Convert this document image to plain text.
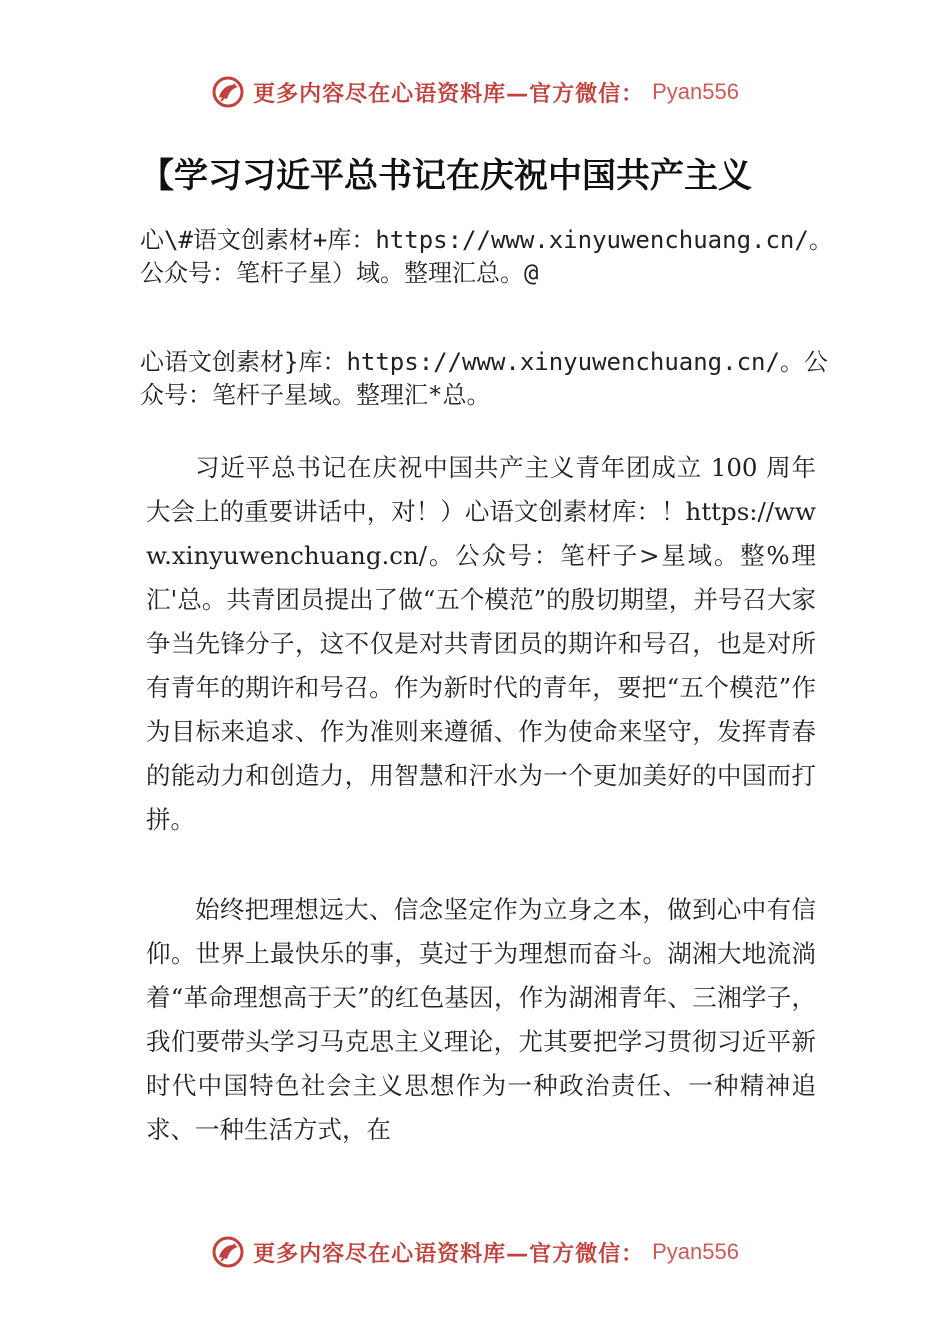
更多内容尽在心语资料库—官方微信： Pyan556
【学习习近平总书记在庆祝中国共产主义
心\#语文创素材+库：https://www.xinyuwenchuang.cn/。公众号：笔杆子星）域。整理汇总。@
心语文创素材}库：https://www.xinyuwenchuang.cn/。公众号：笔杆子星域。整理汇*总。
习近平总书记在庆祝中国共产主义青年团成立 100 周年大会上的重要讲话中，对！）心语文创素材库：！https://www.xinyuwenchuang.cn/。公众号：笔杆子>星域。整%理汇'总。共青团员提出了做“五个模范”的殷切期望，并号召大家争当先锋分子，这不仅是对共青团员的期许和号召，也是对所有青年的期许和号召。作为新时代的青年，要把“五个模范”作为目标来追求、作为准则来遵循、作为使命来坚守，发挥青春的能动力和创造力，用智慧和汗水为一个更加美好的中国而打拼。
始终把理想远大、信念坚定作为立身之本，做到心中有信仰。世界上最快乐的事，莫过于为理想而奋斗。湖湘大地流淌着“革命理想高于天”的红色基因，作为湖湘青年、三湘学子，我们要带头学习马克思主义理论，尤其要把学习贯彻习近平新时代中国特色社会主义思想作为一种政治责任、一种精神追求、一种生活方式，在
更多内容尽在心语资料库—官方微信： Pyan556
